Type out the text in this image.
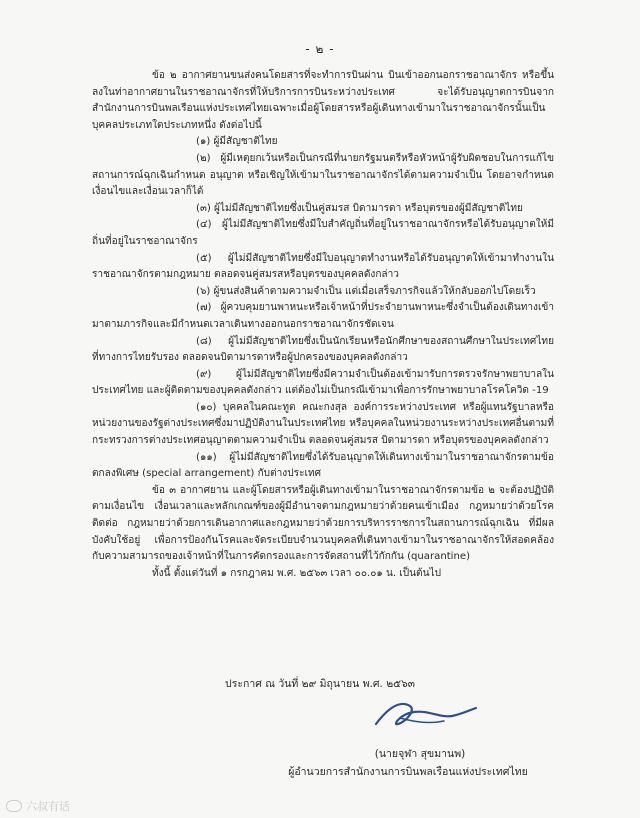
- ๒ -

ข้อ ๒ อากาศยานขนส่งคนโดยสารที่จะทำการบินผ่าน บินเข้าออกนอกราชอาณาจักร หรือขึ้นลงในท่าอากาศยานในราชอาณาจักรที่ให้บริการการบินระหว่างประเทศ จะได้รับอนุญาตการบินจากสำนักงานการบินพลเรือนแห่งประเทศไทยเฉพาะเมื่อผู้โดยสารหรือผู้เดินทางเข้ามาในราชอาณาจักรนั้นเป็นบุคคลประเภทใดประเภทหนึ่ง ดังต่อไปนี้

(๑) ผู้มีสัญชาติไทย

(๒) ผู้มีเหตุยกเว้นหรือเป็นกรณีที่นายกรัฐมนตรีหรือหัวหน้าผู้รับผิดชอบในการแก้ไขสถานการณ์ฉุกเฉินกำหนด อนุญาต หรือเชิญให้เข้ามาในราชอาณาจักรได้ตามความจำเป็น โดยอาจกำหนดเงื่อนไขและเงื่อนเวลาก็ได้

(๓) ผู้ไม่มีสัญชาติไทยซึ่งเป็นคู่สมรส บิดามารดา หรือบุตรของผู้มีสัญชาติไทย

(๔) ผู้ไม่มีสัญชาติไทยซึ่งมีใบสำคัญถิ่นที่อยู่ในราชอาณาจักรหรือได้รับอนุญาตให้มีถิ่นที่อยู่ในราชอาณาจักร

(๕) ผู้ไม่มีสัญชาติไทยซึ่งมีใบอนุญาตทำงานหรือได้รับอนุญาตให้เข้ามาทำงานในราชอาณาจักรตามกฎหมาย ตลอดจนคู่สมรสหรือบุตรของบุคคลดังกล่าว

(๖) ผู้ขนส่งสินค้าตามความจำเป็น แต่เมื่อเสร็จภารกิจแล้วให้กลับออกไปโดยเร็ว

(๗) ผู้ควบคุมยานพาหนะหรือเจ้าหน้าที่ประจำยานพาหนะซึ่งจำเป็นต้องเดินทางเข้ามาตามภารกิจและมีกำหนดเวลาเดินทางออกนอกราชอาณาจักรชัดเจน

(๘) ผู้ไม่มีสัญชาติไทยซึ่งเป็นนักเรียนหรือนักศึกษาของสถานศึกษาในประเทศไทย ที่ทางการไทยรับรอง ตลอดจนบิดามารดาหรือผู้ปกครองของบุคคลดังกล่าว

(๙) ผู้ไม่มีสัญชาติไทยซึ่งมีความจำเป็นต้องเข้ามารับการตรวจรักษาพยาบาลในประเทศไทย และผู้ติดตามของบุคคลดังกล่าว แต่ต้องไม่เป็นกรณีเข้ามาเพื่อการรักษาพยาบาลโรคโควิด -19

(๑๐) บุคคลในคณะทูต คณะกงสุล องค์การระหว่างประเทศ หรือผู้แทนรัฐบาลหรือหน่วยงานของรัฐต่างประเทศซึ่งมาปฏิบัติงานในประเทศไทย หรือบุคคลในหน่วยงานระหว่างประเทศอื่นตามที่กระทรวงการต่างประเทศอนุญาตตามความจำเป็น ตลอดจนคู่สมรส บิดามารดา หรือบุตรของบุคคลดังกล่าว

(๑๑) ผู้ไม่มีสัญชาติไทยซึ่งได้รับอนุญาตให้เดินทางเข้ามาในราชอาณาจักรตามข้อตกลงพิเศษ (special arrangement) กับต่างประเทศ

ข้อ ๓ อากาศยาน และผู้โดยสารหรือผู้เดินทางเข้ามาในราชอาณาจักรตามข้อ ๒ จะต้องปฏิบัติตามเงื่อนไข เงื่อนเวลาและหลักเกณฑ์ของผู้มีอำนาจตามกฎหมายว่าด้วยคนเข้าเมือง กฎหมายว่าด้วยโรคติดต่อ กฎหมายว่าด้วยการเดินอากาศและกฎหมายว่าด้วยการบริหารราชการในสถานการณ์ฉุกเฉิน ที่มีผลบังคับใช้อยู่ เพื่อการป้องกันโรคและจัดระเบียบจำนวนบุคคลที่เดินทางเข้ามาในราชอาณาจักรให้สอดคล้องกับความสามารถของเจ้าหน้าที่ในการคัดกรองและการจัดสถานที่ไว้กักกัน (quarantine)

ทั้งนี้ ตั้งแต่วันที่ ๑ กรกฎาคม พ.ศ. ๒๕๖๓ เวลา ๐๐.๐๑ น. เป็นต้นไป

ประกาศ ณ วันที่ ๒๙ มิถุนายน พ.ศ. ๒๕๖๓
(นายจุฬา สุขมานพ)
ผู้อำนวยการสำนักงานการบินพลเรือนแห่งประเทศไทย
六叔有话
